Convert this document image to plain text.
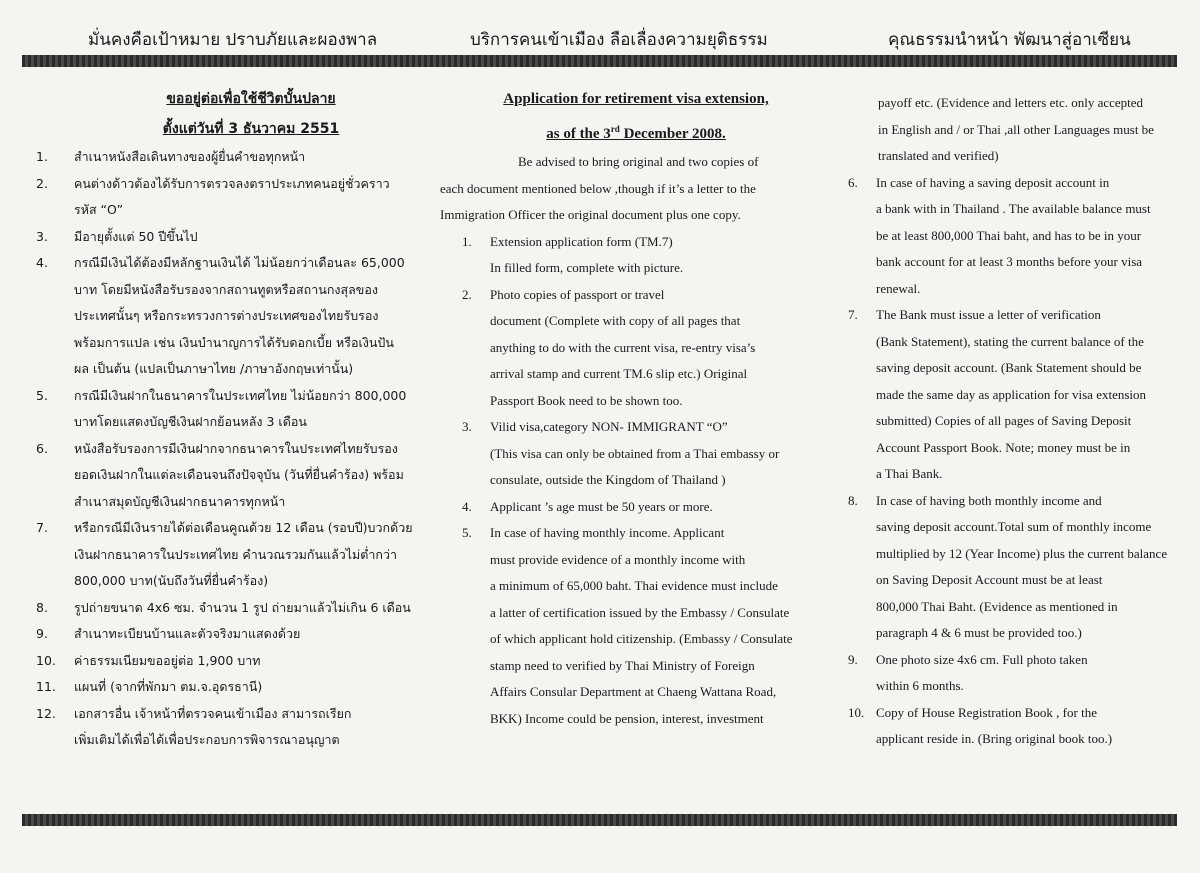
มั่นคงคือเป้าหมาย ปราบภัยและผองพาล	บริการคนเข้าเมือง ลือเลื่องความยุติธรรม	คุณธรรมนำหน้า พัฒนาสู่อาเซียน
ขออยู่ต่อเพื่อใช้ชีวิตบั้นปลาย
ตั้งแต่วันที่ 3 ธันวาคม 2551
1. สำเนาหนังสือเดินทางของผู้ยื่นคำขอทุกหน้า
2. คนต่างด้าวต้องได้รับการตรวจลงตราประเภทคนอยู่ชั่วคราว
รหัส “O”
3. มีอายุตั้งแต่ 50 ปีขึ้นไป
4. กรณีมีเงินได้ต้องมีหลักฐานเงินได้ ไม่น้อยกว่าเดือนละ 65,000
บาท โดยมีหนังสือรับรองจากสถานทูตหรือสถานกงสุลของ
ประเทศนั้นๆ หรือกระทรวงการต่างประเทศของไทยรับรอง
พร้อมการแปล เช่น เงินบำนาญการได้รับดอกเบี้ย หรือเงินปัน
ผล เป็นต้น (แปลเป็นภาษาไทย /ภาษาอังกฤษเท่านั้น)
5. กรณีมีเงินฝากในธนาคารในประเทศไทย ไม่น้อยกว่า 800,000
บาทโดยแสดงบัญชีเงินฝากย้อนหลัง 3 เดือน
6. หนังสือรับรองการมีเงินฝากจากธนาคารในประเทศไทยรับรอง
ยอดเงินฝากในแต่ละเดือนจนถึงปัจจุบัน (วันที่ยื่นคำร้อง) พร้อม
สำเนาสมุดบัญชีเงินฝากธนาคารทุกหน้า
7. หรือกรณีมีเงินรายได้ต่อเดือนคูณด้วย 12 เดือน (รอบปี)บวกด้วย
เงินฝากธนาคารในประเทศไทย คำนวณรวมกันแล้วไม่ต่ำกว่า
800,000 บาท(นับถึงวันที่ยื่นคำร้อง)
8. รูปถ่ายขนาด 4x6 ซม. จำนวน 1 รูป ถ่ายมาแล้วไม่เกิน 6 เดือน
9. สำเนาทะเบียนบ้านและตัวจริงมาแสดงด้วย
10. ค่าธรรมเนียมขออยู่ต่อ 1,900 บาท
11. แผนที่ (จากที่พักมา ตม.จ.อุดรธานี)
12. เอกสารอื่น เจ้าหน้าที่ตรวจคนเข้าเมือง สามารถเรียก
เพิ่มเติมได้เพื่อได้เพื่อประกอบการพิจารณาอนุญาต
Application for retirement visa extension,
as of the 3rd December 2008.
Be advised to bring original and two copies of
each document mentioned below ,though if it’s a letter to the
Immigration Officer the original document plus one copy.
1. Extension application form (TM.7)
In filled form, complete with picture.
2. Photo copies of passport or travel
document (Complete with copy of all pages that
anything to do with the current visa, re-entry visa’s
arrival stamp and current TM.6 slip etc.) Original
Passport Book need to be shown too.
3. Vilid visa,category NON- IMMIGRANT “O”
(This visa can only be obtained from a Thai embassy or
consulate, outside the Kingdom of Thailand )
4. Applicant ’s age must be 50 years or more.
5. In case of having monthly income. Applicant
must provide evidence of a monthly income with
a minimum of 65,000 baht. Thai evidence must include
a latter of certification issued by the Embassy / Consulate
of which applicant hold citizenship. (Embassy / Consulate
stamp need to verified by Thai Ministry of Foreign
Affairs Consular Department at Chaeng Wattana Road,
BKK) Income could be pension, interest, investment
payoff etc. (Evidence and letters etc. only accepted
in English and / or Thai ,all other Languages must be
translated and verified)
6. In case of having a saving deposit account in
a bank with in Thailand . The available balance must
be at least 800,000 Thai baht, and has to be in your
bank account for at least 3 months before your visa
renewal.
7. The Bank must issue a letter of verification
(Bank Statement), stating the current balance of the
saving deposit account. (Bank Statement should be
made the same day as application for visa extension
submitted) Copies of all pages of Saving Deposit
Account Passport Book. Note; money must be in
a Thai Bank.
8. In case of having both monthly income and
saving deposit account.Total sum of monthly income
multiplied by 12 (Year Income) plus the current balance
on Saving Deposit Account must be at least
800,000 Thai Baht. (Evidence as mentioned in
paragraph 4 & 6 must be provided too.)
9. One photo size 4x6 cm. Full photo taken
within 6 months.
10. Copy of House Registration Book , for the
applicant reside in. (Bring original book too.)
